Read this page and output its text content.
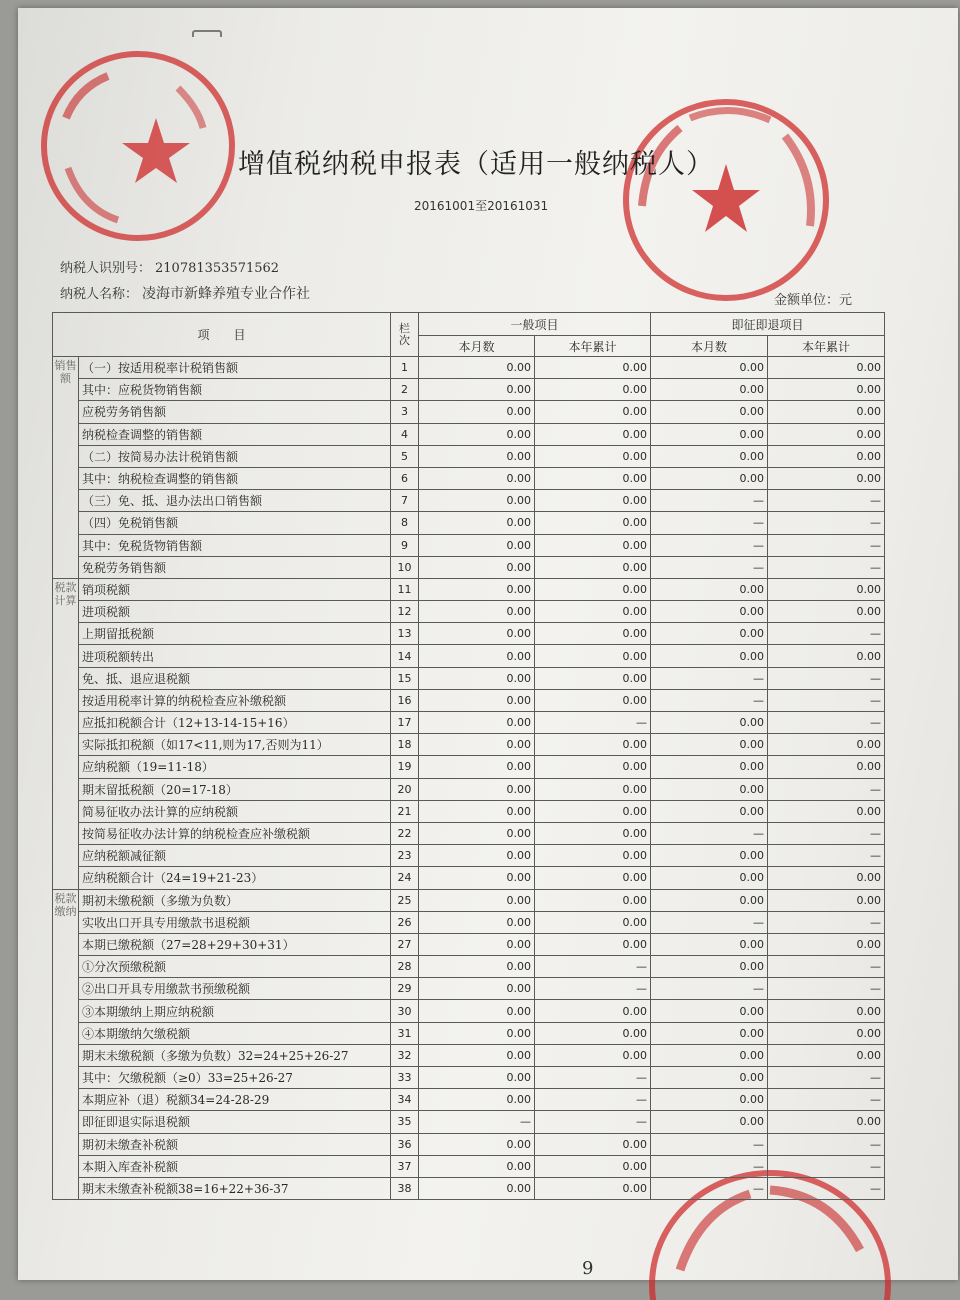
增值税纳税申报表（适用一般纳税人）
20161001至20161031
纳税人识别号： 210781353571562
纳税人名称： 凌海市新蜂养殖专业合作社	金额单位：元
项　　目		栏次	一般项目		即征即退项目	
			本月数	本年累计	本月数	本年累计
销售额	（一）按适用税率计税销售额	1	0.00	0.00	0.00	0.00
	其中：应税货物销售额	2	0.00	0.00	0.00	0.00
	应税劳务销售额	3	0.00	0.00	0.00	0.00
	纳税检查调整的销售额	4	0.00	0.00	0.00	0.00
	（二）按简易办法计税销售额	5	0.00	0.00	0.00	0.00
	其中：纳税检查调整的销售额	6	0.00	0.00	0.00	0.00
	（三）免、抵、退办法出口销售额	7	0.00	0.00	—	—
	（四）免税销售额	8	0.00	0.00	—	—
	其中：免税货物销售额	9	0.00	0.00	—	—
	免税劳务销售额	10	0.00	0.00	—	—
税款计算	销项税额	11	0.00	0.00	0.00	0.00
	进项税额	12	0.00	0.00	0.00	0.00
	上期留抵税额	13	0.00	0.00	0.00	—
	进项税额转出	14	0.00	0.00	0.00	0.00
	免、抵、退应退税额	15	0.00	0.00	—	—
	按适用税率计算的纳税检查应补缴税额	16	0.00	0.00	—	—
	应抵扣税额合计（12+13-14-15+16）	17	0.00	—	0.00	—
	实际抵扣税额（如17<11,则为17,否则为11）	18	0.00	0.00	0.00	0.00
	应纳税额（19=11-18）	19	0.00	0.00	0.00	0.00
	期末留抵税额（20=17-18）	20	0.00	0.00	0.00	—
	简易征收办法计算的应纳税额	21	0.00	0.00	0.00	0.00
	按简易征收办法计算的纳税检查应补缴税额	22	0.00	0.00	—	—
	应纳税额减征额	23	0.00	0.00	0.00	—
	应纳税额合计（24=19+21-23）	24	0.00	0.00	0.00	0.00
税款缴纳	期初未缴税额（多缴为负数）	25	0.00	0.00	0.00	0.00
	实收出口开具专用缴款书退税额	26	0.00	0.00	—	—
	本期已缴税额（27=28+29+30+31）	27	0.00	0.00	0.00	0.00
	①分次预缴税额	28	0.00	—	0.00	—
	②出口开具专用缴款书预缴税额	29	0.00	—	—	—
	③本期缴纳上期应纳税额	30	0.00	0.00	0.00	0.00
	④本期缴纳欠缴税额	31	0.00	0.00	0.00	0.00
	期末未缴税额（多缴为负数）32=24+25+26-27	32	0.00	0.00	0.00	0.00
	其中：欠缴税额（≥0）33=25+26-27	33	0.00	—	0.00	—
	本期应补（退）税额34=24-28-29	34	0.00	—	0.00	—
	即征即退实际退税额	35	—	—	0.00	0.00
	期初未缴查补税额	36	0.00	0.00	—	—
	本期入库查补税额	37	0.00	0.00	—	—
	期末未缴查补税额38=16+22+36-37	38	0.00	0.00	—	—
9
